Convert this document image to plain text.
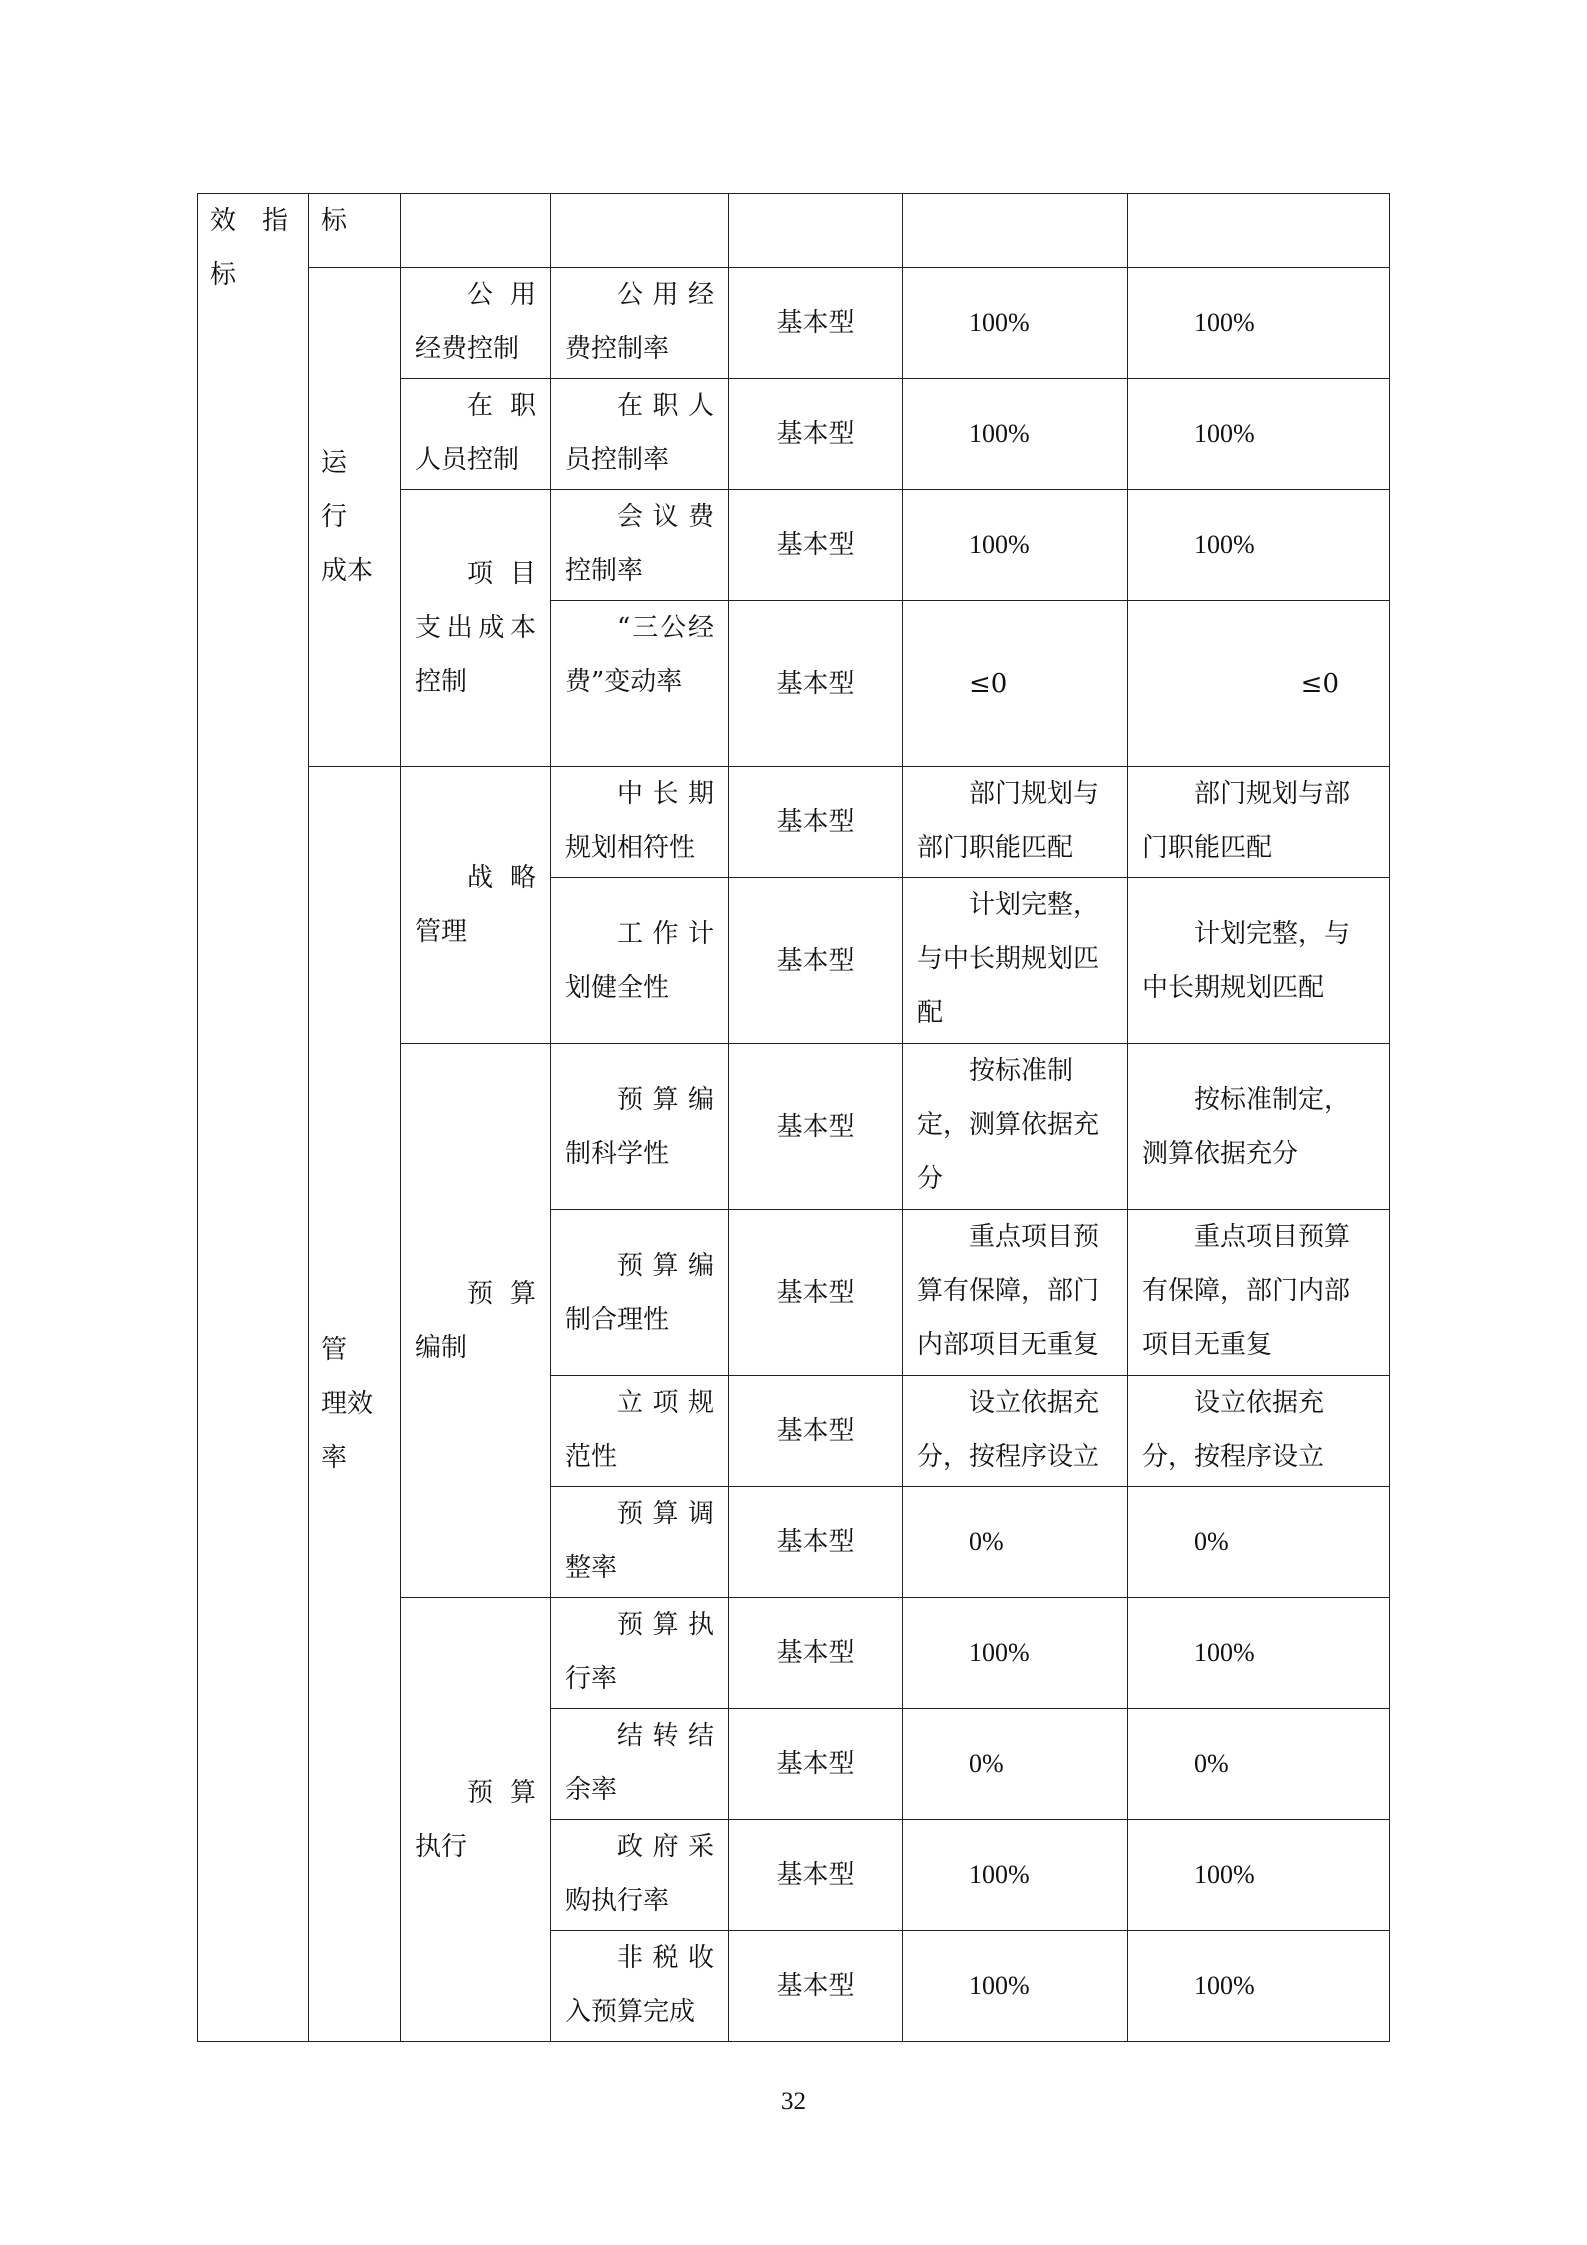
效　指标	标					
	运　行　成本	公用经费控制	公用经费控制率	基本型	100%	100%

		在职人员控制	在职人员控制率	基本型	100%	100%

		项目支出成本控制	会议费控制率	基本型	100%	100%

			“三公经费”变动率	基本型	≤0	≤0
	管　理效率	战略管理	中长期规划相符性	基本型	部门规划与部门职能匹配	部门规划与部门职能匹配

			工作计划健全性	基本型	计划完整，与中长期规划匹配	计划完整，与中长期规划匹配

		预算编制	预算编制科学性	基本型	按标准制定，测算依据充分	按标准制定，测算依据充分

			预算编制合理性	基本型	重点项目预算有保障，部门内部项目无重复	重点项目预算有保障，部门内部项目无重复

			立项规范性	基本型	设立依据充分，按程序设立	设立依据充分，按程序设立

			预算调整率	基本型	0%	0%

		预算执行	预算执行率	基本型	100%	100%

			结转结余率	基本型	0%	0%

			政府采购执行率	基本型	100%	100%

			非税收入预算完成	基本型	100%	100%
32
